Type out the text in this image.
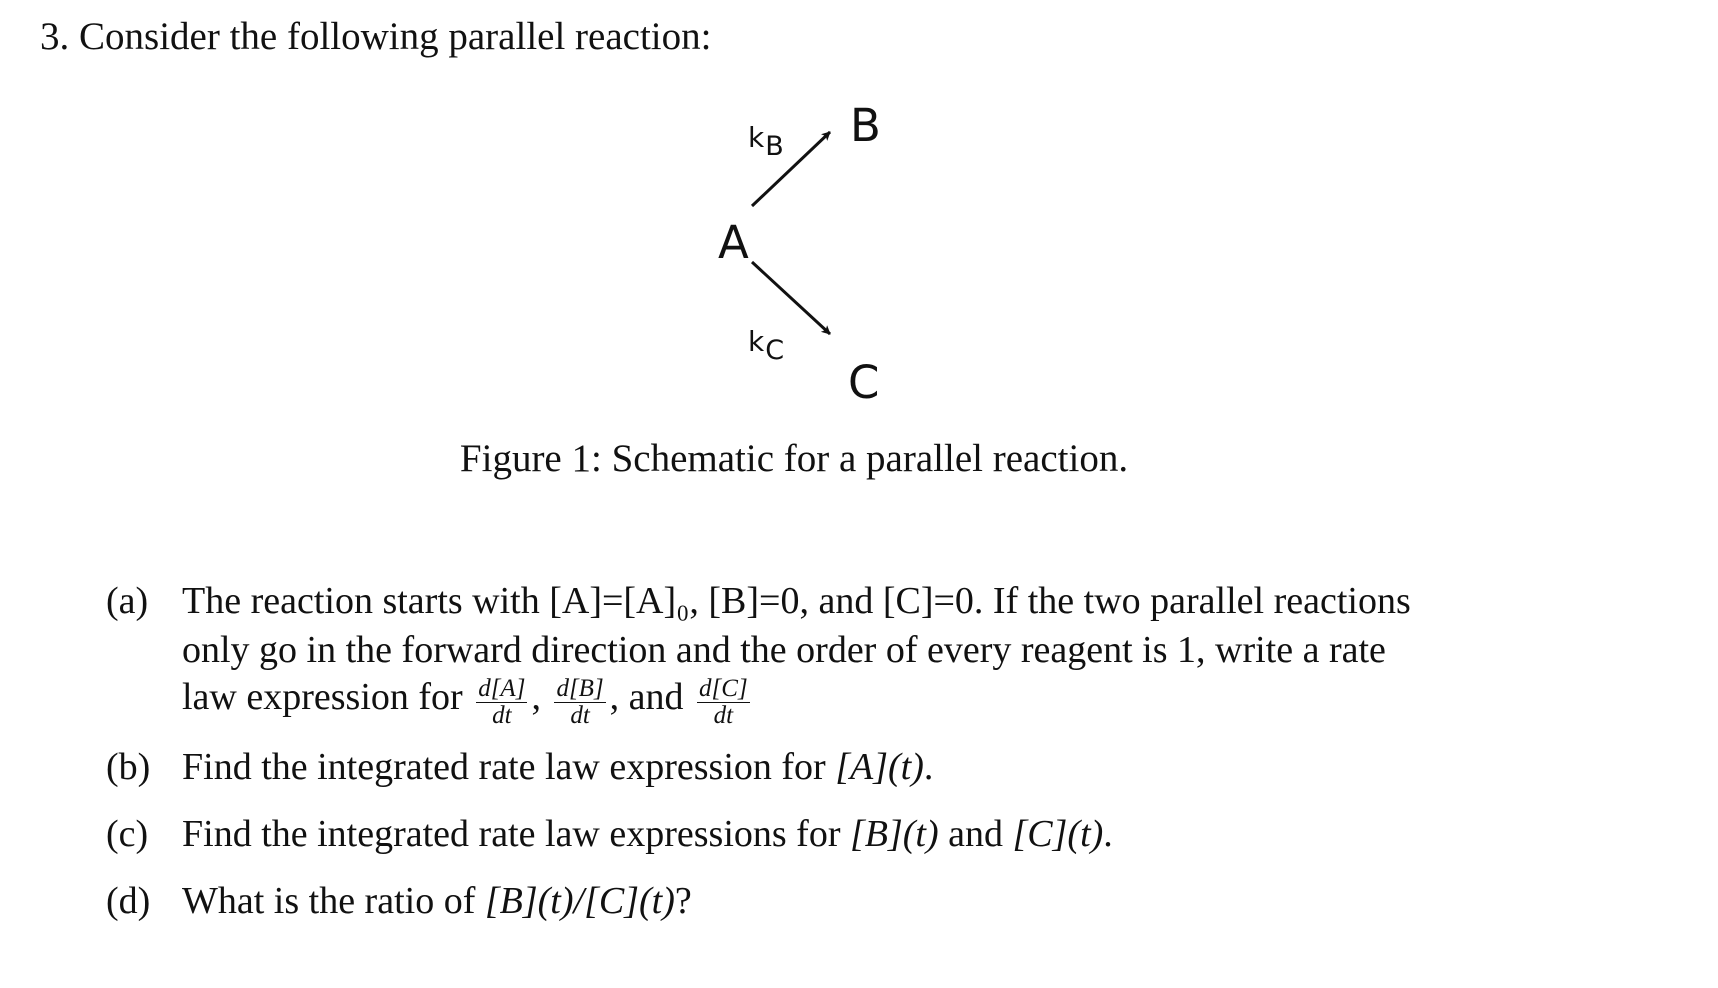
3. Consider the following parallel reaction:
A
B
C
$k_B$
$k_C$
Figure 1: Schematic for a parallel reaction.
(a) The reaction starts with [A]=[A]₀, [B]=0, and [C]=0. If the two parallel reactions
only go in the forward direction and the order of every reagent is 1, write a rate
law expression for $\frac{d[A]}{dt}$ , $\frac{d[B]}{dt}$ , and $\frac{d[C]}{dt}$
(b) Find the integrated rate law expression for [A](t).
(c) Find the integrated rate law expressions for [B](t) and [C](t).
(d) What is the ratio of [B](t)/[C](t)?
